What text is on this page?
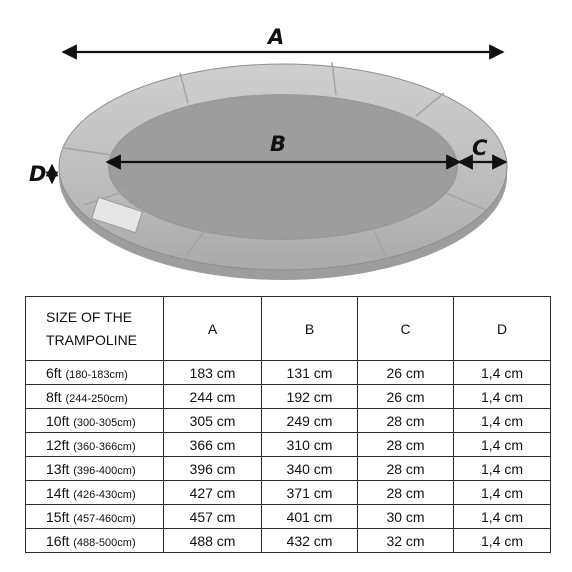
A
B	C
D
SIZE OF THE
TRAMPOLINE	A	B	C	D
6ft (180-183cm)	183 cm	131 cm	26 cm	1,4 cm
8ft (244-250cm)	244 cm	192 cm	26 cm	1,4 cm
10ft (300-305cm)	305 cm	249 cm	28 cm	1,4 cm
12ft (360-366cm)	366 cm	310 cm	28 cm	1,4 cm
13ft (396-400cm)	396 cm	340 cm	28 cm	1,4 cm
14ft (426-430cm)	427 cm	371 cm	28 cm	1,4 cm
15ft (457-460cm)	457 cm	401 cm	30 cm	1,4 cm
16ft (488-500cm)	488 cm	432 cm	32 cm	1,4 cm
